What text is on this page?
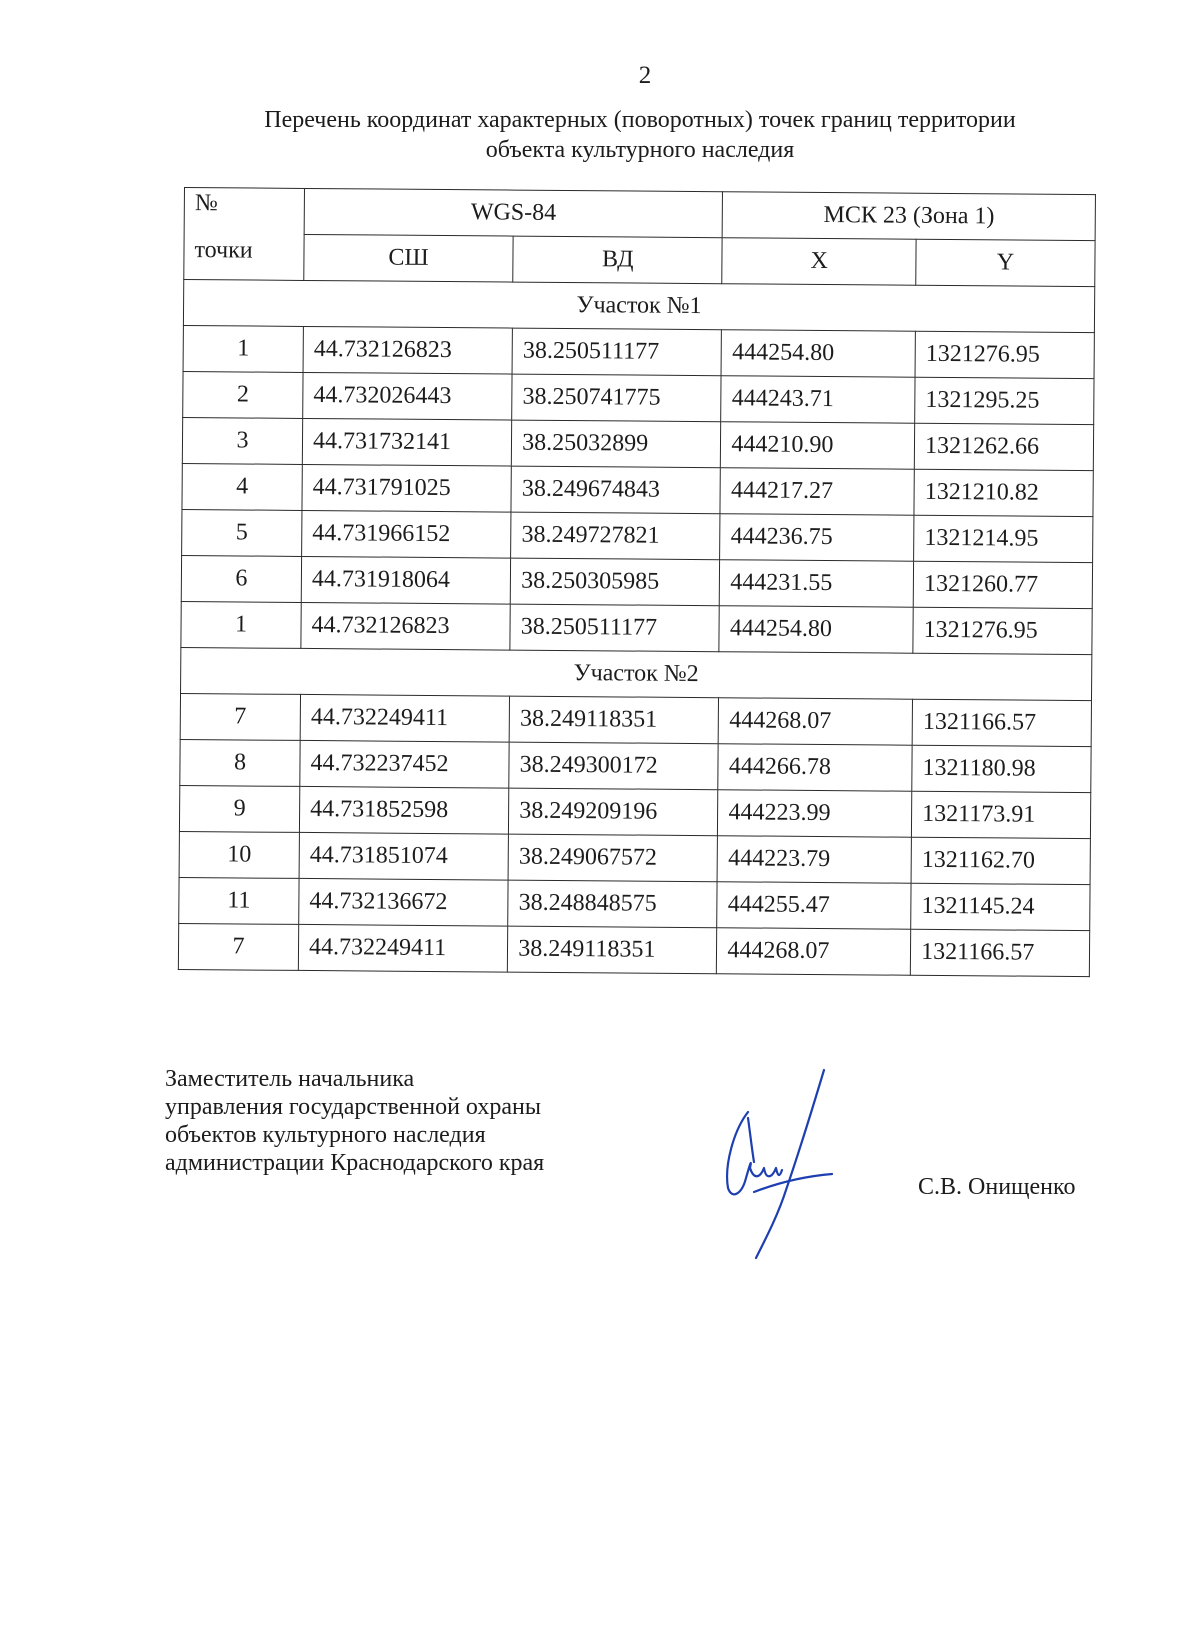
2
Перечень координат характерных (поворотных) точек границ территории
объекта культурного наследия
№
точки	WGS-84		МСК 23 (Зона 1)	
	СШ	ВД	X	Y
Участок №1				
1	44.732126823	38.250511177	444254.80	1321276.95
2	44.732026443	38.250741775	444243.71	1321295.25
3	44.731732141	38.25032899	444210.90	1321262.66
4	44.731791025	38.249674843	444217.27	1321210.82
5	44.731966152	38.249727821	444236.75	1321214.95
6	44.731918064	38.250305985	444231.55	1321260.77
1	44.732126823	38.250511177	444254.80	1321276.95
Участок №2				
7	44.732249411	38.249118351	444268.07	1321166.57
8	44.732237452	38.249300172	444266.78	1321180.98
9	44.731852598	38.249209196	444223.99	1321173.91
10	44.731851074	38.249067572	444223.79	1321162.70
11	44.732136672	38.248848575	444255.47	1321145.24
7	44.732249411	38.249118351	444268.07	1321166.57
Заместитель начальника
управления государственной охраны
объектов культурного наследия
администрации Краснодарского края
С.В. Онищенко
